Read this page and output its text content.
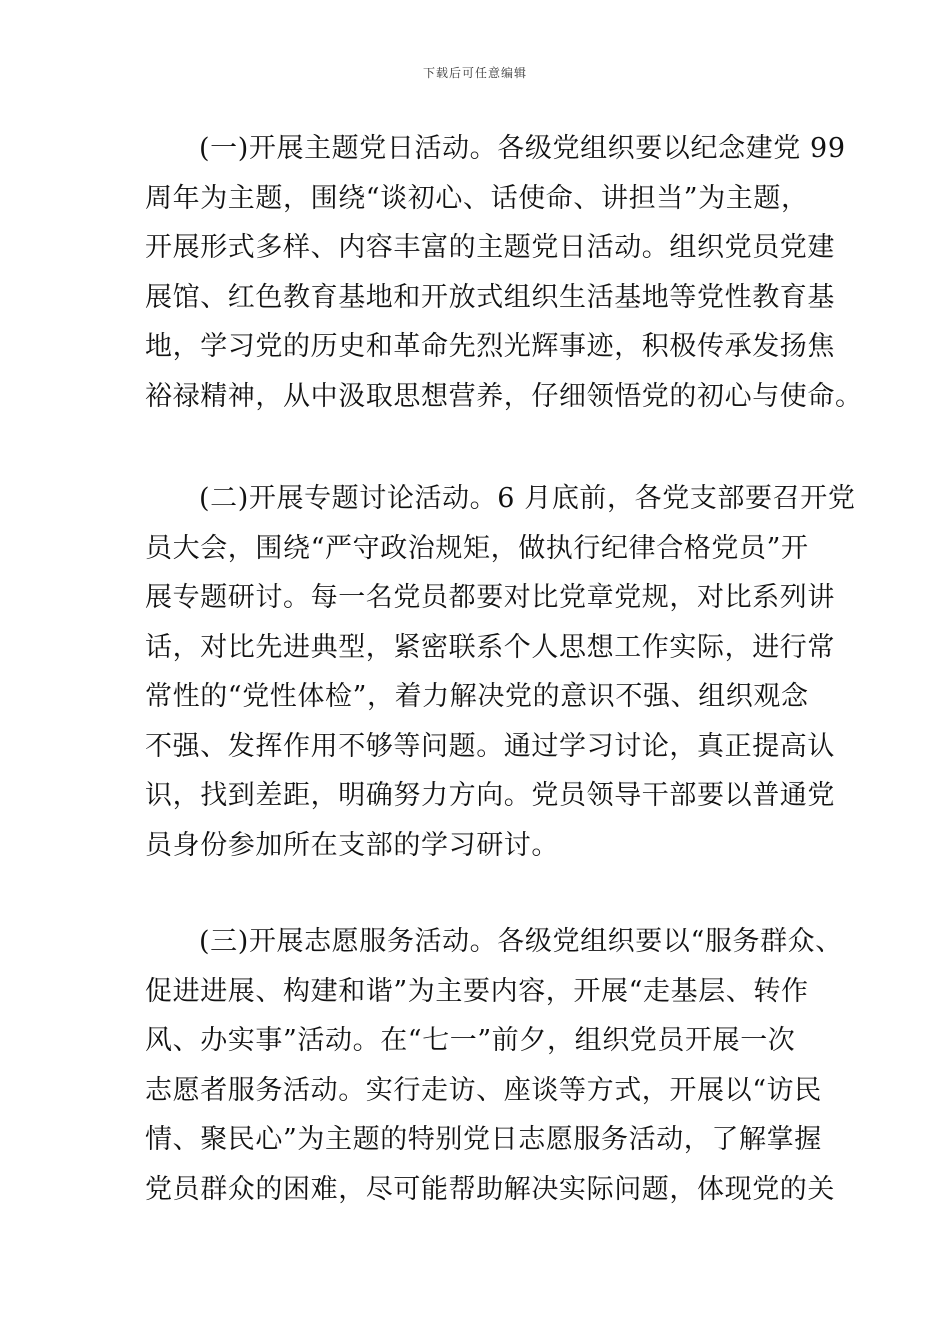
下载后可任意编辑
(一)开展主题党日活动。各级党组织要以纪念建党 99
周年为主题，围绕“谈初心、话使命、讲担当”为主题，
开展形式多样、内容丰富的主题党日活动。组织党员党建
展馆、红色教育基地和开放式组织生活基地等党性教育基
地，学习党的历史和革命先烈光辉事迹，积极传承发扬焦
裕禄精神，从中汲取思想营养，仔细领悟党的初心与使命。
(二)开展专题讨论活动。6 月底前，各党支部要召开党
员大会，围绕“严守政治规矩，做执行纪律合格党员”开
展专题研讨。每一名党员都要对比党章党规，对比系列讲
话，对比先进典型，紧密联系个人思想工作实际，进行常
常性的“党性体检”，着力解决党的意识不强、组织观念
不强、发挥作用不够等问题。通过学习讨论，真正提高认
识，找到差距，明确努力方向。党员领导干部要以普通党
员身份参加所在支部的学习研讨。
(三)开展志愿服务活动。各级党组织要以“服务群众、
促进进展、构建和谐”为主要内容，开展“走基层、转作
风、办实事”活动。在“七一”前夕，组织党员开展一次
志愿者服务活动。实行走访、座谈等方式，开展以“访民
情、聚民心”为主题的特别党日志愿服务活动，了解掌握
党员群众的困难，尽可能帮助解决实际问题，体现党的关
